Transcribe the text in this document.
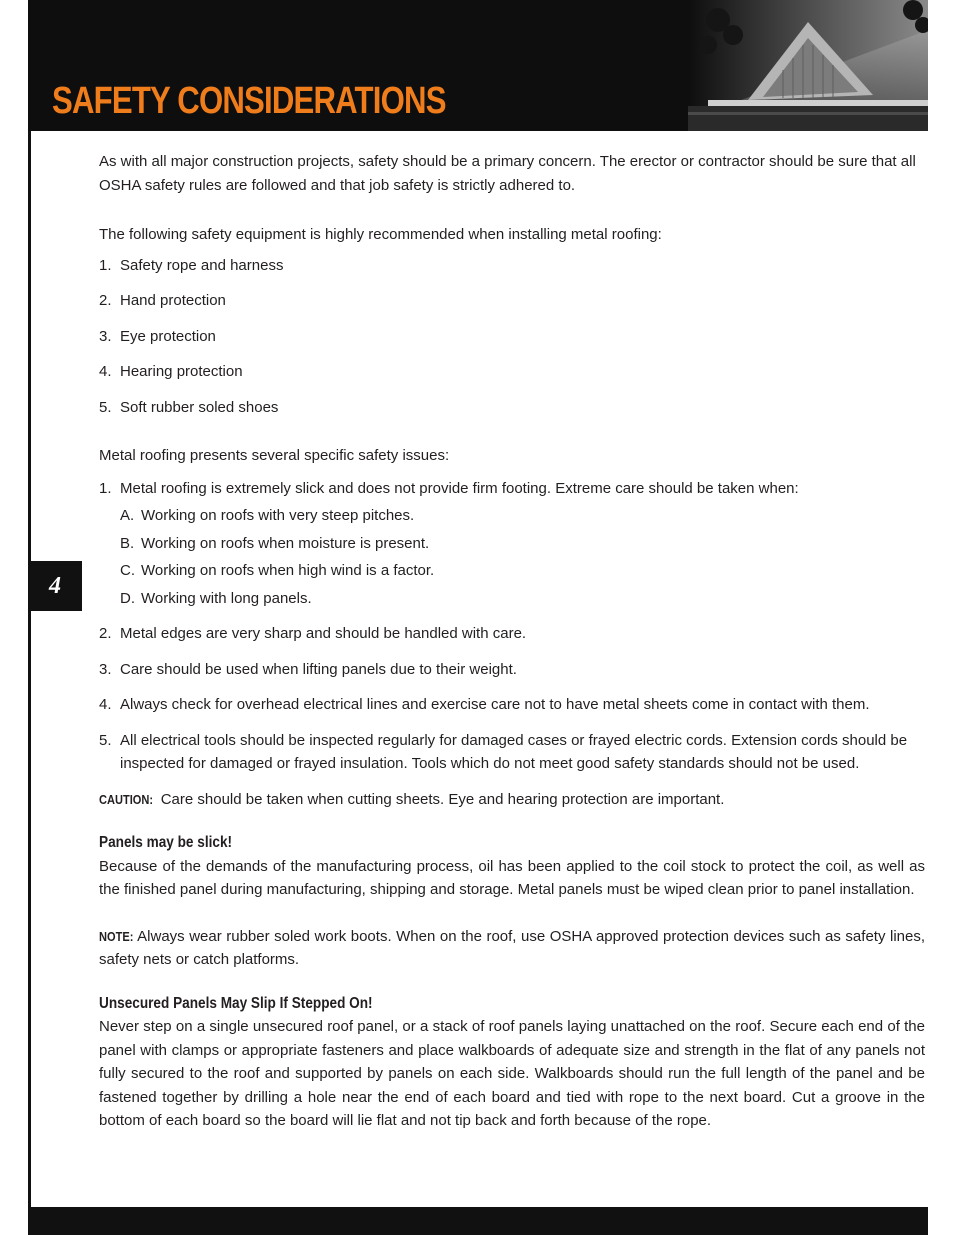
SAFETY CONSIDERATIONS
4

As with all major construction projects, safety should be a primary concern. The erector or contractor should be sure that all OSHA safety rules are followed and that job safety is strictly adhered to.

The following safety equipment is highly recommended when installing metal roofing:

1. Safety rope and harness
2. Hand protection
3. Eye protection
4. Hearing protection
5. Soft rubber soled shoes

Metal roofing presents several specific safety issues:

1. Metal roofing is extremely slick and does not provide firm footing. Extreme care should be taken when:
A. Working on roofs with very steep pitches.
B. Working on roofs when moisture is present.
C. Working on roofs when high wind is a factor.
D. Working with long panels.
2. Metal edges are very sharp and should be handled with care.
3. Care should be used when lifting panels due to their weight.
4. Always check for overhead electrical lines and exercise care not to have metal sheets come in contact with them.
5. All electrical tools should be inspected regularly for damaged cases or frayed electric cords. Extension cords should be inspected for damaged or frayed insulation. Tools which do not meet good safety standards should not be used.

CAUTION: Care should be taken when cutting sheets. Eye and hearing protection are important.

Panels may be slick!

Because of the demands of the manufacturing process, oil has been applied to the coil stock to protect the coil, as well as the finished panel during manufacturing, shipping and storage. Metal panels must be wiped clean prior to panel installation.

NOTE: Always wear rubber soled work boots. When on the roof, use OSHA approved protection devices such as safety lines, safety nets or catch platforms.

Unsecured Panels May Slip If Stepped On!

Never step on a single unsecured roof panel, or a stack of roof panels laying unattached on the roof. Secure each end of the panel with clamps or appropriate fasteners and place walkboards of adequate size and strength in the flat of any panels not fully secured to the roof and supported by panels on each side. Walkboards should run the full length of the panel and be fastened together by drilling a hole near the end of each board and tied with rope to the next board. Cut a groove in the bottom of each board so the board will lie flat and not tip back and forth because of the rope.
